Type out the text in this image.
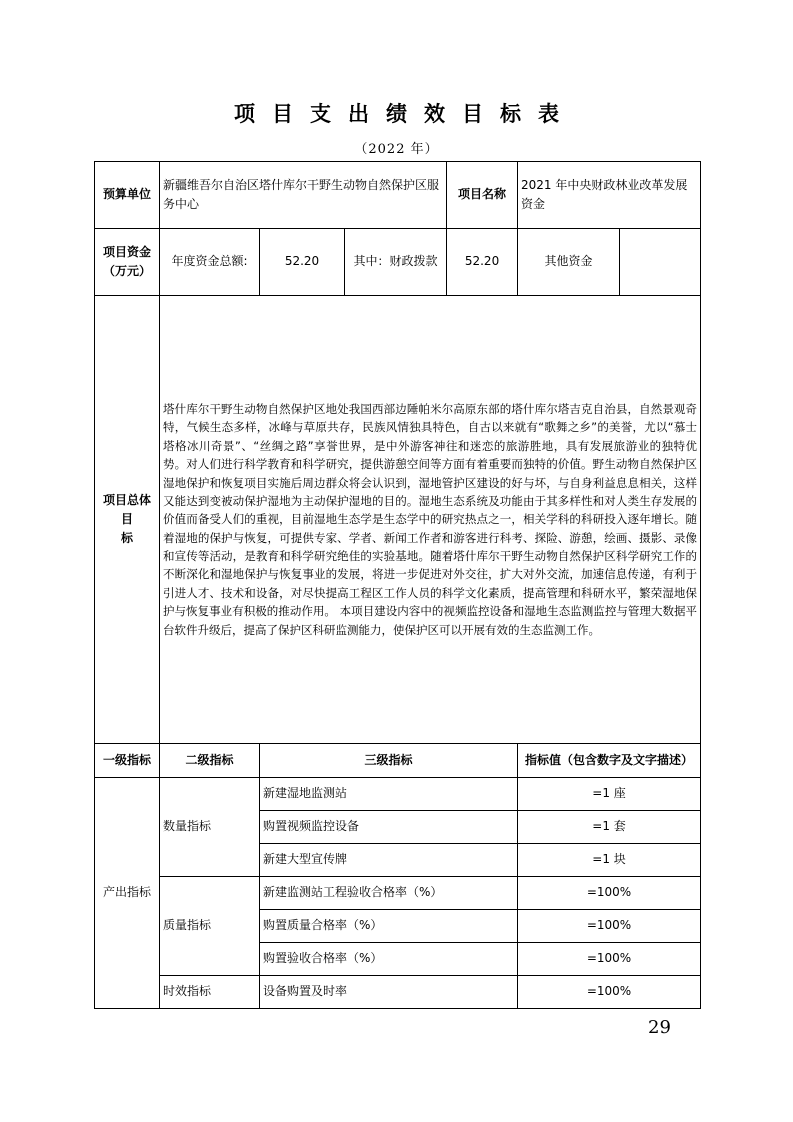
项目支出绩效目标表
（2022 年）
预算单位	新疆维吾尔自治区塔什库尔干野生动物自然保护区服务中心			项目名称	2021 年中央财政林业改革发展资金	

项目资金
（万元）	年度资金总额:	52.20	其中：财政拨款	52.20	其他资金	

项目总体目
标	塔什库尔干野生动物自然保护区地处我国西部边陲帕米尔高原东部的塔什库尔塔吉克自治县，自然景观奇特，气候生态多样，冰峰与草原共存，民族风情独具特色，自古以来就有“歌舞之乡”的美誉，尤以“慕士塔格冰川奇景”、“丝绸之路”享誉世界，是中外游客神往和迷恋的旅游胜地，具有发展旅游业的独特优势。对人们进行科学教育和科学研究，提供游憩空间等方面有着重要而独特的价值。野生动物自然保护区湿地保护和恢复项目实施后周边群众将会认识到，湿地管护区建设的好与坏，与自身利益息息相关，这样又能达到变被动保护湿地为主动保护湿地的目的。湿地生态系统及功能由于其多样性和对人类生存发展的价值而备受人们的重视，目前湿地生态学是生态学中的研究热点之一，相关学科的科研投入逐年增长。随着湿地的保护与恢复，可提供专家、学者、新闻工作者和游客进行科考、探险、游憩，绘画、摄影、录像和宣传等活动，是教育和科学研究绝佳的实验基地。随着塔什库尔干野生动物自然保护区科学研究工作的不断深化和湿地保护与恢复事业的发展，将进一步促进对外交往，扩大对外交流，加速信息传递，有利于引进人才、技术和设备，对尽快提高工程区工作人员的科学文化素质，提高管理和科研水平，繁荣湿地保护与恢复事业有积极的推动作用。 本项目建设内容中的视频监控设备和湿地生态监测监控与管理大数据平台软件升级后，提高了保护区科研监测能力，使保护区可以开展有效的生态监测工作。					
一级指标	二级指标	三级指标			指标值（包含数字及文字描述）	
产出指标	数量指标	新建湿地监测站			=1 座	
		购置视频监控设备			=1 套	
		新建大型宣传牌			=1 块	
	质量指标	新建监测站工程验收合格率（%）			=100%	
		购置质量合格率（%）			=100%	
		购置验收合格率（%）			=100%	
	时效指标	设备购置及时率			=100%	
29
